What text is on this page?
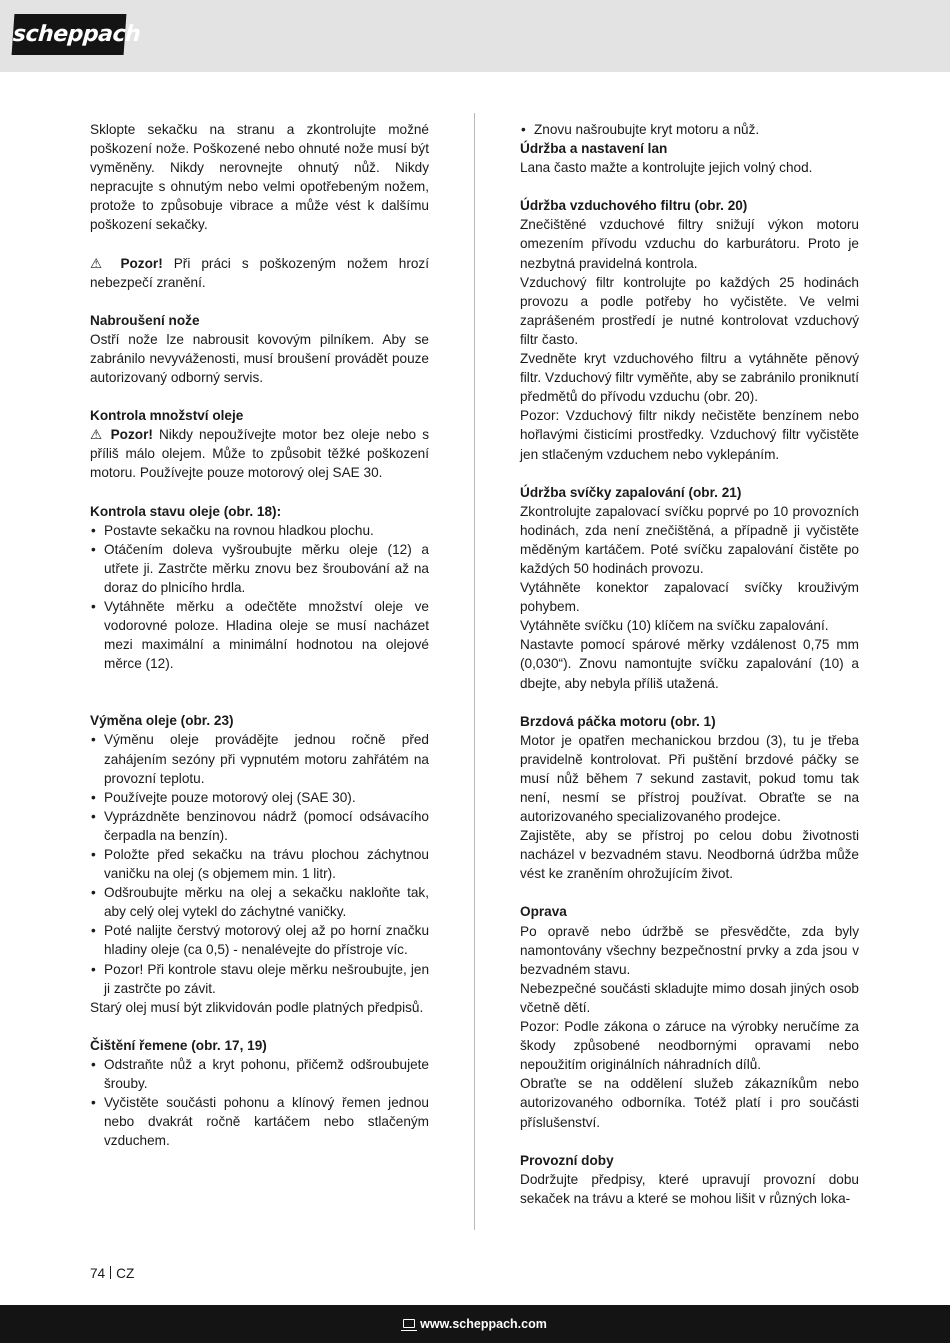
scheppach

Sklopte sekačku na stranu a zkontrolujte možné poškození nože. Poškozené nebo ohnuté nože musí být vyměněny. Nikdy nerovnejte ohnutý nůž. Nikdy nepracujte s ohnutým nebo velmi opotřebeným nožem, protože to způsobuje vibrace a může vést k dalšímu poškození sekačky.

⚠ Pozor! Při práci s poškozeným nožem hrozí nebezpečí zranění.

Nabroušení nože

Ostří nože lze nabrousit kovovým pilníkem. Aby se zabránilo nevyváženosti, musí broušení provádět pouze autorizovaný odborný servis.

Kontrola množství oleje

⚠ Pozor! Nikdy nepoužívejte motor bez oleje nebo s příliš málo olejem. Může to způsobit těžké poškození motoru. Používejte pouze motorový olej SAE 30.

Kontrola stavu oleje (obr. 18):

• Postavte sekačku na rovnou hladkou plochu.
• Otáčením doleva vyšroubujte měrku oleje (12) a utřete ji. Zastrčte měrku znovu bez šroubování až na doraz do plnicího hrdla.
• Vytáhněte měrku a odečtěte množství oleje ve vodorovné poloze. Hladina oleje se musí nacházet mezi maximální a minimální hodnotou na olejové měrce (12).

Výměna oleje (obr. 23)

• Výměnu oleje provádějte jednou ročně před zahájením sezóny při vypnutém motoru zahřátém na provozní teplotu.
• Používejte pouze motorový olej (SAE 30).
• Vyprázdněte benzinovou nádrž (pomocí odsávacího čerpadla na benzín).
• Položte před sekačku na trávu plochou záchytnou vaničku na olej (s objemem min. 1 litr).
• Odšroubujte měrku na olej a sekačku nakloňte tak, aby celý olej vytekl do záchytné vaničky.
• Poté nalijte čerstvý motorový olej až po horní značku hladiny oleje (ca 0,5) - nenalévejte do přístroje víc.
• Pozor! Při kontrole stavu oleje měrku nešroubujte, jen ji zastrčte po závit.

Starý olej musí být zlikvidován podle platných předpisů.

Čištění řemene (obr. 17, 19)

• Odstraňte nůž a kryt pohonu, přičemž odšroubujete šrouby.
• Vyčistěte součásti pohonu a klínový řemen jednou nebo dvakrát ročně kartáčem nebo stlačeným vzduchem.
• Znovu našroubujte kryt motoru a nůž.

Údržba a nastavení lan

Lana často mažte a kontrolujte jejich volný chod.

Údržba vzduchového filtru (obr. 20)

Znečištěné vzduchové filtry snižují výkon motoru omezením přívodu vzduchu do karburátoru. Proto je nezbytná pravidelná kontrola.

Vzduchový filtr kontrolujte po každých 25 hodinách provozu a podle potřeby ho vyčistěte. Ve velmi zaprášeném prostředí je nutné kontrolovat vzduchový filtr často.

Zvedněte kryt vzduchového filtru a vytáhněte pěnový filtr. Vzduchový filtr vyměňte, aby se zabránilo proniknutí předmětů do přívodu vzduchu (obr. 20).

Pozor: Vzduchový filtr nikdy nečistěte benzínem nebo hořlavými čisticími prostředky. Vzduchový filtr vyčistěte jen stlačeným vzduchem nebo vyklepáním.

Údržba svíčky zapalování (obr. 21)

Zkontrolujte zapalovací svíčku poprvé po 10 provozních hodinách, zda není znečištěná, a případně ji vyčistěte měděným kartáčem. Poté svíčku zapalování čistěte po každých 50 hodinách provozu.

Vytáhněte konektor zapalovací svíčky krouživým pohybem.

Vytáhněte svíčku (10) klíčem na svíčku zapalování.

Nastavte pomocí spárové měrky vzdálenost 0,75 mm (0,030“). Znovu namontujte svíčku zapalování (10) a dbejte, aby nebyla příliš utažená.

Brzdová páčka motoru (obr. 1)

Motor je opatřen mechanickou brzdou (3), tu je třeba pravidelně kontrolovat. Při puštění brzdové páčky se musí nůž během 7 sekund zastavit, pokud tomu tak není, nesmí se přístroj používat. Obraťte se na autorizovaného specializovaného prodejce.

Zajistěte, aby se přístroj po celou dobu životnosti nacházel v bezvadném stavu. Neodborná údržba může vést ke zraněním ohrožujícím život.

Oprava

Po opravě nebo údržbě se přesvědčte, zda byly namontovány všechny bezpečnostní prvky a zda jsou v bezvadném stavu.

Nebezpečné součásti skladujte mimo dosah jiných osob včetně dětí.

Pozor: Podle zákona o záruce na výrobky neručíme za škody způsobené neodbornými opravami nebo nepoužitím originálních náhradních dílů.

Obraťte se na oddělení služeb zákazníkům nebo autorizovaného odborníka. Totéž platí i pro součásti příslušenství.

Provozní doby

Dodržujte předpisy, které upravují provozní dobu sekaček na trávu a které se mohou lišit v různých loka-

74 CZ
www.scheppach.com
